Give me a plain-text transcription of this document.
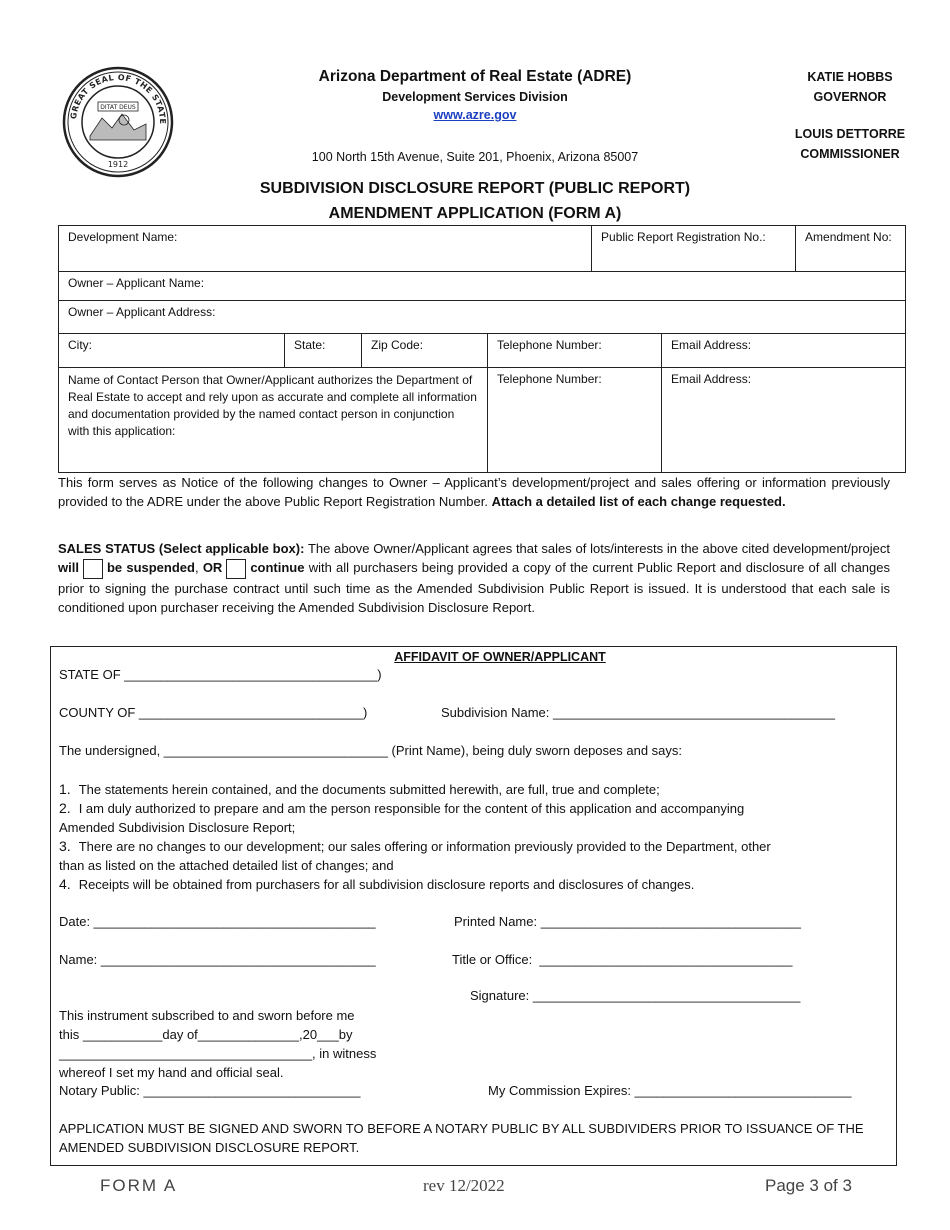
GREAT SEAL OF THE STATE
DITAT DEUS
1912
Arizona Department of Real Estate (ADRE)
Development Services Division
www.azre.gov
100 North 15th Avenue, Suite 201, Phoenix, Arizona 85007
KATIE HOBBS
GOVERNOR
LOUIS DETTORRE
COMMISSIONER
SUBDIVISION DISCLOSURE REPORT (PUBLIC REPORT)
AMENDMENT APPLICATION (FORM A)
Development Name:				Public Report Registration No.:		Amendment No:
Owner – Applicant Name:						
Owner – Applicant Address:						
City:	State:	Zip Code:	Telephone Number:		Email Address:	
Name of Contact Person that Owner/Applicant authorizes the Department of Real Estate to accept and rely upon as accurate and complete all information and documentation provided by the named contact person in conjunction with this application:			Telephone Number:		Email Address:	
This form serves as Notice of the following changes to Owner – Applicant’s development/project and sales offering or information previously provided to the ADRE under the above Public Report Registration Number. Attach a detailed list of each change requested.
SALES STATUS (Select applicable box): The above Owner/Applicant agrees that sales of lots/interests in the above cited development/project will be suspended, OR continue with all purchasers being provided a copy of the current Public Report and disclosure of all changes prior to signing the purchase contract until such time as the Amended Subdivision Public Report is issued. It is understood that each sale is conditioned upon purchaser receiving the Amended Subdivision Disclosure Report.
AFFIDAVIT OF OWNER/APPLICANT
STATE OF ___________________________________)
COUNTY OF _______________________________)	Subdivision Name: _______________________________________
The undersigned, _______________________________ (Print Name), being duly sworn deposes and says:
1. The statements herein contained, and the documents submitted herewith, are full, true and complete;
2. I am duly authorized to prepare and am the person responsible for the content of this application and accompanying
Amended Subdivision Disclosure Report;
3. There are no changes to our development; our sales offering or information previously provided to the Department, other
than as listed on the attached detailed list of changes; and
4. Receipts will be obtained from purchasers for all subdivision disclosure reports and disclosures of changes.
Date: _______________________________________	Printed Name: ____________________________________
Name: ______________________________________	Title or Office:  ___________________________________
Signature: _____________________________________
This instrument subscribed to and sworn before me
this ___________day of______________,20___by
___________________________________, in witness
whereof I set my hand and official seal.
Notary Public: ______________________________	My Commission Expires: ______________________________
APPLICATION MUST BE SIGNED AND SWORN TO BEFORE A NOTARY PUBLIC BY ALL SUBDIVIDERS PRIOR TO ISSUANCE OF THE AMENDED SUBDIVISION DISCLOSURE REPORT.
FORM A	rev 12/2022	Page 3 of 3
